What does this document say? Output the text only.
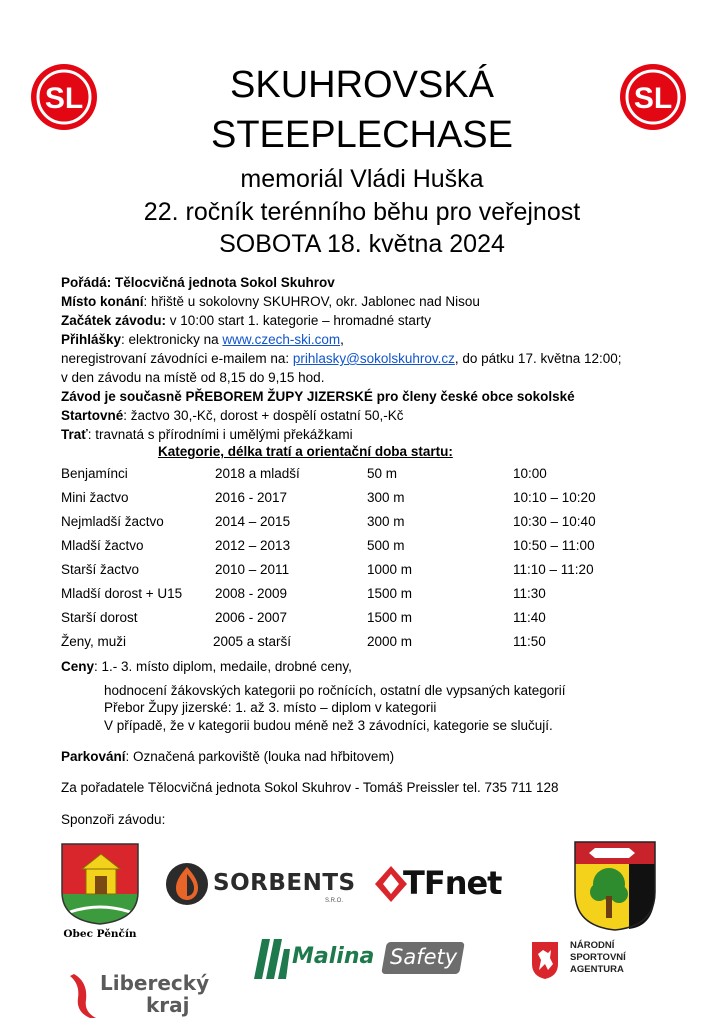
SL	SL
SKUHROVSKÁ
STEEPLECHASE
memoriál Vládi Huška
22. ročník terénního běhu pro veřejnost
SOBOTA 18. května 2024

Pořádá: Tělocvičná jednota Sokol Skuhrov

Místo konání: hřiště u sokolovny SKUHROV, okr. Jablonec nad Nisou

Začátek závodu: v 10:00 start 1. kategorie – hromadné starty

Přihlášky: elektronicky na www.czech-ski.com,

neregistrovaní závodníci e-mailem na: prihlasky@sokolskuhrov.cz, do pátku 17. května 12:00;

v den závodu na místě od 8,15 do 9,15 hod.

Závod je současně PŘEBOREM ŽUPY JIZERSKÉ pro členy české obce sokolské

Startovné: žactvo 30,-Kč, dorost + dospělí ostatní 50,-Kč

Trať: travnatá s přírodními i umělými překážkami

Kategorie, délka tratí a orientační doba startu:
Benjamínci	2018 a mladší	50 m	10:00
Mini žactvo	2016 - 2017	300 m	10:10 – 10:20
Nejmladší žactvo	2014 – 2015	300 m	10:30 – 10:40
Mladší žactvo	2012 – 2013	500 m	10:50 – 11:00
Starší žactvo	2010 – 2011	1000 m	11:10 – 11:20
Mladší dorost + U15 2008 - 2009	1500 m	11:30
Starší dorost	2006 - 2007	1500 m	11:40
Ženy, muži	2005 a starší	2000 m	11:50
Ceny: 1.- 3. místo diplom, medaile, drobné ceny,
hodnocení žákovských kategorii po ročnících, ostatní dle vypsaných kategorií
Přebor Župy jizerské: 1. až 3. místo – diplom v kategorii
V případě, že v kategorii budou méně než 3 závodníci, kategorie se slučují.
Parkování: Označená parkoviště (louka nad hřbitovem)
Za pořadatele Tělocvičná jednota Sokol Skuhrov - Tomáš Preissler tel. 735 711 128
Sponzoři závodu:
Obec Pěnčín
SORBENTS
S.R.O. TFnet
Malina Safety	NÁRODNÍ
SPORTOVNÍ
AGENTURA
Liberecký
kraj
